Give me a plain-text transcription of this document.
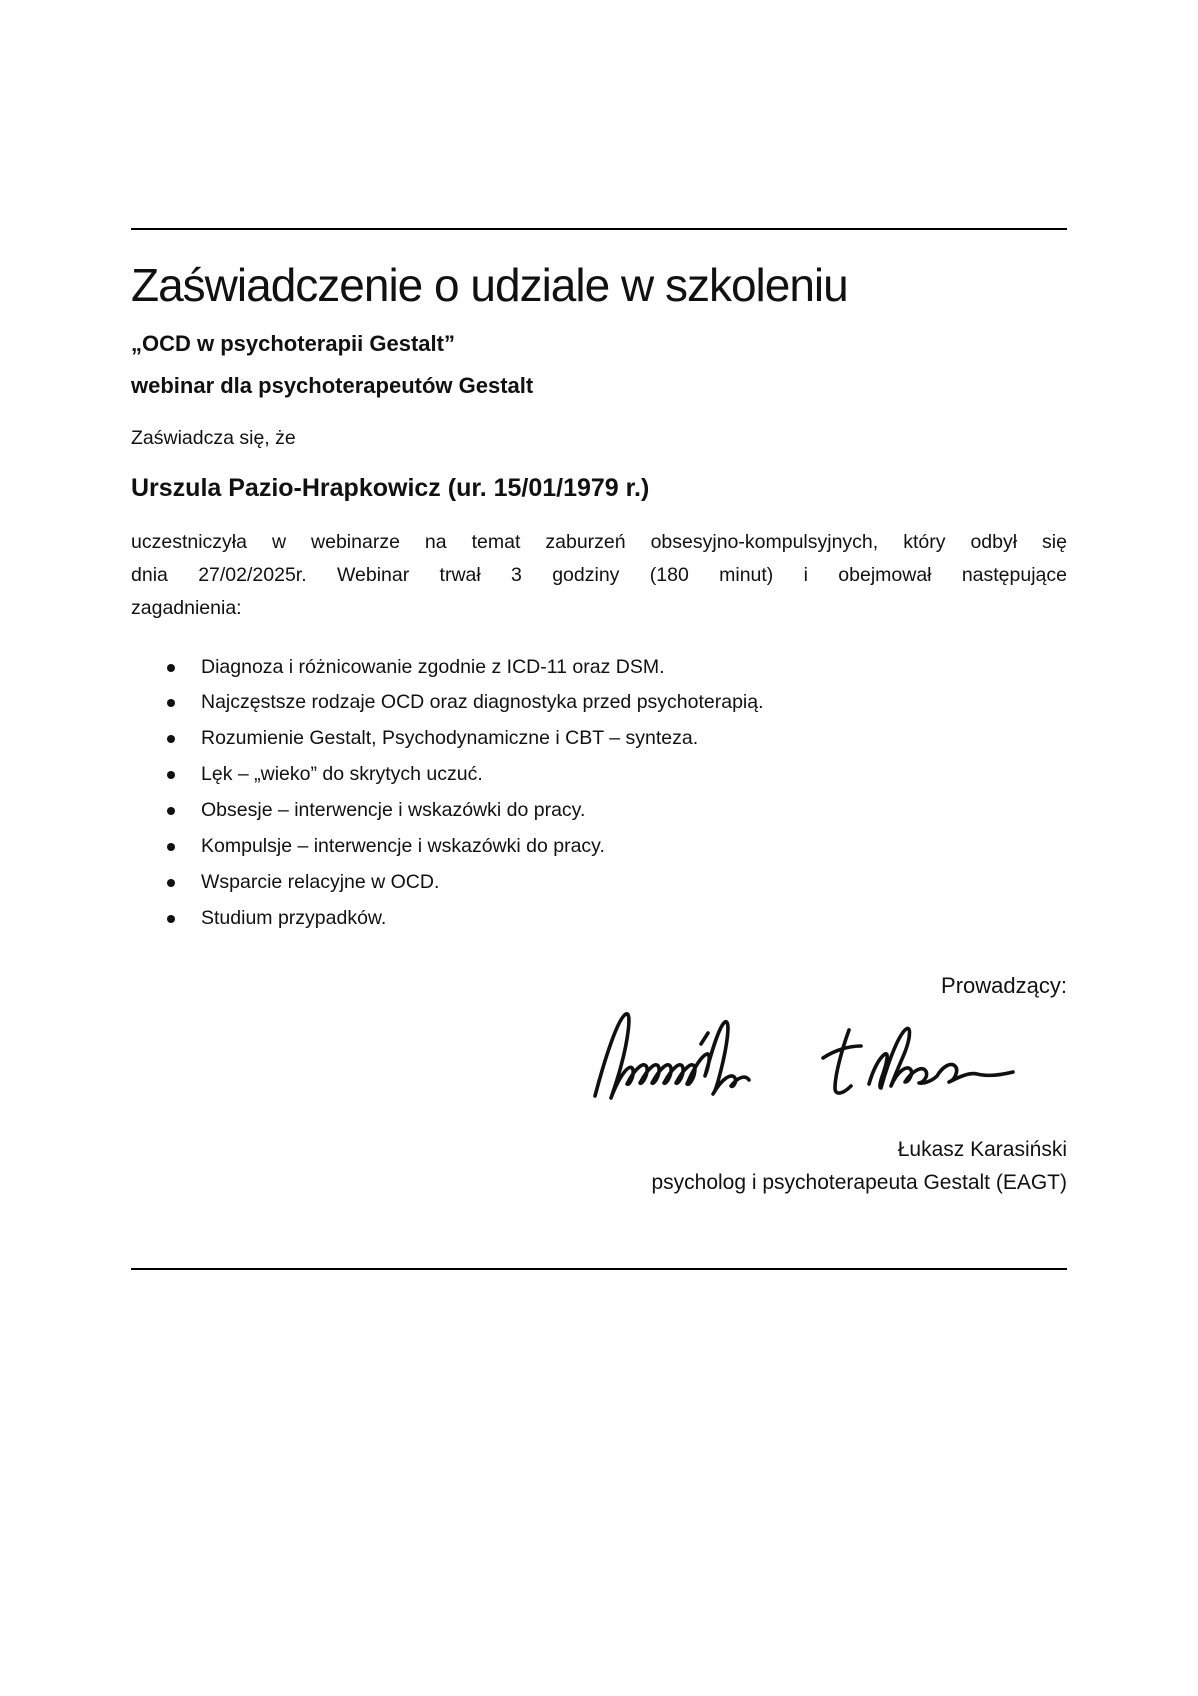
Zaświadczenie o udziale w szkoleniu
„OCD w psychoterapii Gestalt”
webinar dla psychoterapeutów Gestalt

Zaświadcza się, że

Urszula Pazio-Hrapkowicz (ur. 15/01/1979 r.)
uczestniczyła w webinarze na temat zaburzeń obsesyjno-kompulsyjnych, który odbył się
dnia 27/02/2025r. Webinar trwał 3 godziny (180 minut) i obejmował następujące
zagadnienia:
Diagnoza i różnicowanie zgodnie z ICD-11 oraz DSM.
Najczęstsze rodzaje OCD oraz diagnostyka przed psychoterapią.
Rozumienie Gestalt, Psychodynamiczne i CBT – synteza.
Lęk – „wieko” do skrytych uczuć.
Obsesje – interwencje i wskazówki do pracy.
Kompulsje – interwencje i wskazówki do pracy.
Wsparcie relacyjne w OCD.
Studium przypadków.
Prowadzący:
Łukasz Karasiński
psycholog i psychoterapeuta Gestalt (EAGT)
